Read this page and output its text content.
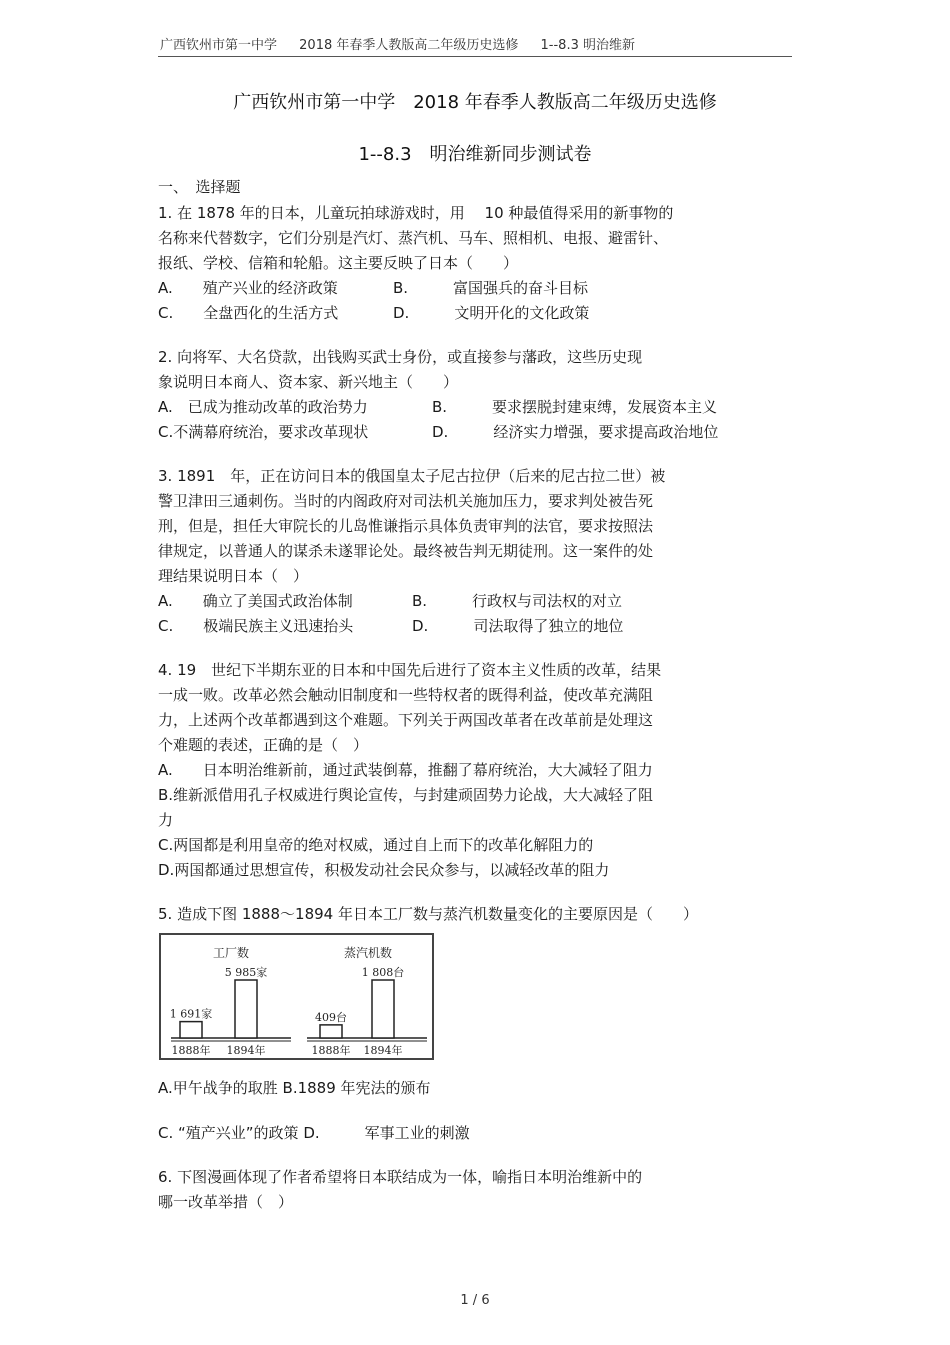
广西钦州市第一中学 2018 年春季人教版高二年级历史选修 1--8.3 明治维新
广西钦州市第一中学　2018 年春季人教版高二年级历史选修
1--8.3　明治维新同步测试卷
一、　选择题
1. 在 1878 年的日本，儿童玩拍球游戏时，用　 10 种最值得采用的新事物的
名称来代替数字，它们分别是汽灯、蒸汽机、马车、照相机、电报、避雷针、
报纸、学校、信箱和轮船。这主要反映了日本（　　）
A.　　殖产兴业的经济政策	B.　　　富国强兵的奋斗目标
C.　　全盘西化的生活方式	D.　　　文明开化的文化政策
2. 向将军、大名贷款，出钱购买武士身份，或直接参与藩政，这些历史现
象说明日本商人、资本家、新兴地主（　　）
A.　已成为推动改革的政治势力	B.　　　要求摆脱封建束缚，发展资本主义
C.不满幕府统治，要求改革现状	D.　　　经济实力增强，要求提高政治地位
3. 1891　年，正在访问日本的俄国皇太子尼古拉伊（后来的尼古拉二世）被
警卫津田三通刺伤。当时的内阁政府对司法机关施加压力，要求判处被告死
刑，但是，担任大审院长的儿岛惟谦指示具体负责审判的法官，要求按照法
律规定，以普通人的谋杀未遂罪论处。最终被告判无期徒刑。这一案件的处
理结果说明日本（　）
A.　　确立了美国式政治体制	B.　　　行政权与司法权的对立
C.　　极端民族主义迅速抬头	D.　　　司法取得了独立的地位
4. 19　世纪下半期东亚的日本和中国先后进行了资本主义性质的改革，结果
一成一败。改革必然会触动旧制度和一些特权者的既得利益，使改革充满阻
力，上述两个改革都遇到这个难题。下列关于两国改革者在改革前是处理这
个难题的表述，正确的是（　）
A.　　日本明治维新前，通过武装倒幕，推翻了幕府统治，大大减轻了阻力
B.维新派借用孔子权威进行舆论宣传，与封建顽固势力论战，大大减轻了阻
力
C.两国都是利用皇帝的绝对权威，通过自上而下的改革化解阻力的
D.两国都通过思想宣传，积极发动社会民众参与，以减轻改革的阻力
5. 造成下图 1888～1894 年日本工厂数与蒸汽机数量变化的主要原因是（　　）
工厂数
1 691家
1888年
5 985家
1894年
蒸汽机数
409台
1888年
1 808台
1894年
A.甲午战争的取胜 B.1889 年宪法的颁布
C. “殖产兴业”的政策 D.　　　军事工业的刺激
6. 下图漫画体现了作者希望将日本联结成为一体，喻指日本明治维新中的
哪一改革举措（　）
1 / 6
